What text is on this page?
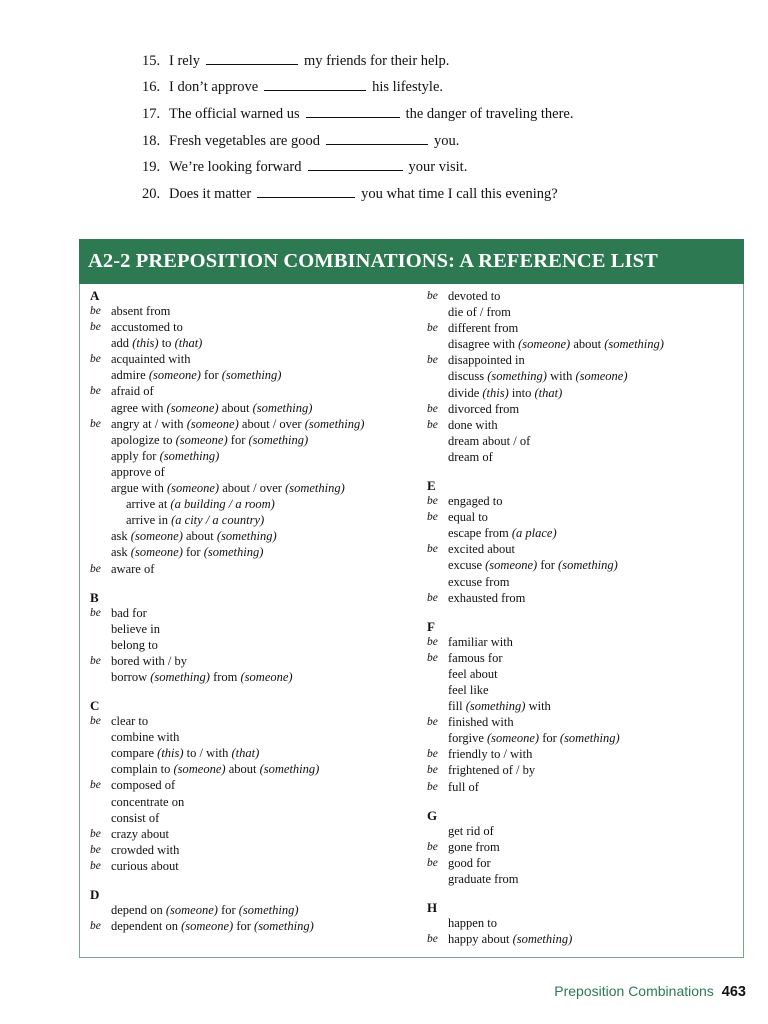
15. I rely	my friends for their help.
16. I don’t approve	his lifestyle.
17. The official warned us	the danger of traveling there.
18. Fresh vegetables are good	you.
19. We’re looking forward	your visit.
20. Does it matter	you what time I call this evening?
A2-2 PREPOSITION COMBINATIONS: A REFERENCE LIST
A
be absent from
be accustomed to
add (this) to (that)
be acquainted with
admire (someone) for (something)
be afraid of
agree with (someone) about (something)
be angry at / with (someone) about / over (something)
apologize to (someone) for (something)
apply for (something)
approve of
argue with (someone) about / over (something)
arrive at (a building / a room)
arrive in (a city / a country)
ask (someone) about (something)
ask (someone) for (something)
be aware of
B
be bad for
believe in
belong to
be bored with / by
borrow (something) from (someone)
C
be clear to
combine with
compare (this) to / with (that)
complain to (someone) about (something)
be composed of
concentrate on
consist of
be crazy about
be crowded with
be curious about
D
depend on (someone) for (something)
be dependent on (someone) for (something)
be devoted to
die of / from
be different from
disagree with (someone) about (something)
be disappointed in
discuss (something) with (someone)
divide (this) into (that)
be divorced from
be done with
dream about / of
dream of
E
be engaged to
be equal to
escape from (a place)
be excited about
excuse (someone) for (something)
excuse from
be exhausted from
F
be familiar with
be famous for
feel about
feel like
fill (something) with
be finished with
forgive (someone) for (something)
be friendly to / with
be frightened of / by
be full of
G
get rid of
be gone from
be good for
graduate from
H
happen to
be happy about (something)
Preposition Combinations 463
